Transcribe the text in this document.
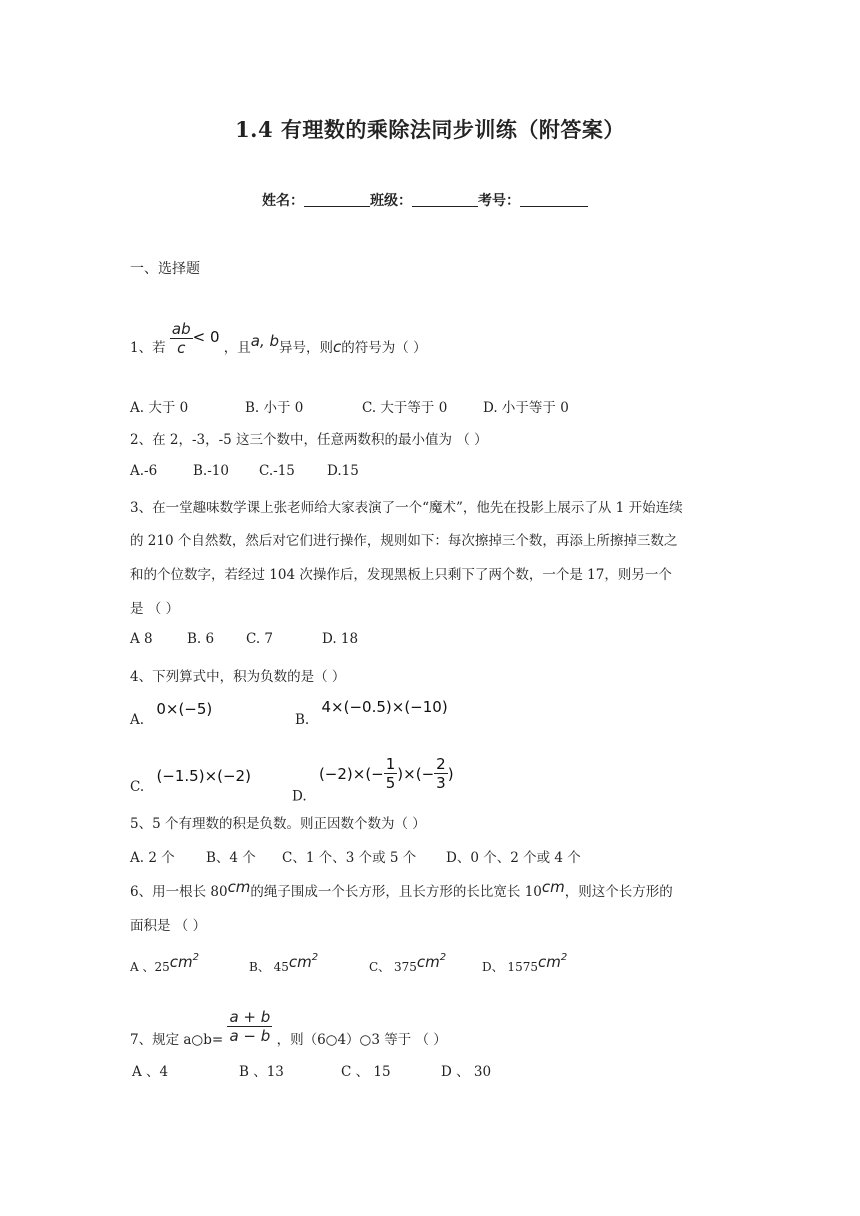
1.4 有理数的乘除法同步训练（附答案）
姓名：	班级：	考号：
一、选择题
1、若 $\frac{ab}{c} < 0$ ，且a, b异号，则c的符号为（ ）
A. 大于 0	B. 小于 0	C. 大于等于 0	D. 小于等于 0
2、在 2，-3，-5 这三个数中，任意两数积的最小值为 （ ）
A.-6	B.-10 C.-15 D.15
3、在一堂趣味数学课上张老师给大家表演了一个“魔术”，他先在投影上展示了从 1 开始连续
的 210 个自然数，然后对它们进行操作，规则如下：每次擦掉三个数，再添上所擦掉三数之
和的个位数字，若经过 104 次操作后，发现黑板上只剩下了两个数，一个是 17，则另一个
是 （ ）
A 8	B. 6 C. 7	D. 18
4、下列算式中，积为负数的是（ ）
A. 0×(−5)
B. 4×(−0.5)×(−10)
C. (−1.5)×(−2)
D.
$(-2)\times(- \frac{1}{5}$ )×(− $\frac{2}{3}$ )
5、5 个有理数的积是负数。则正因数个数为（ ）
A. 2 个 B、4 个 C、1 个、3 个或 5 个 D、0 个、2 个或 4 个
6、用一根长 80cm的绳子围成一个长方形，且长方形的长比宽长 10cm，则这个长方形的
面积是 （ ）
A 、$25cm^2$
B、 $45cm^2$
C、 $375cm^2$
D、 $1575cm^2$
7、规定 a○b= $\frac{a + b}{a - b}$ ，则（6○4）○3 等于 （ ）
A 、4	B 、13	C 、 15	D 、 30
